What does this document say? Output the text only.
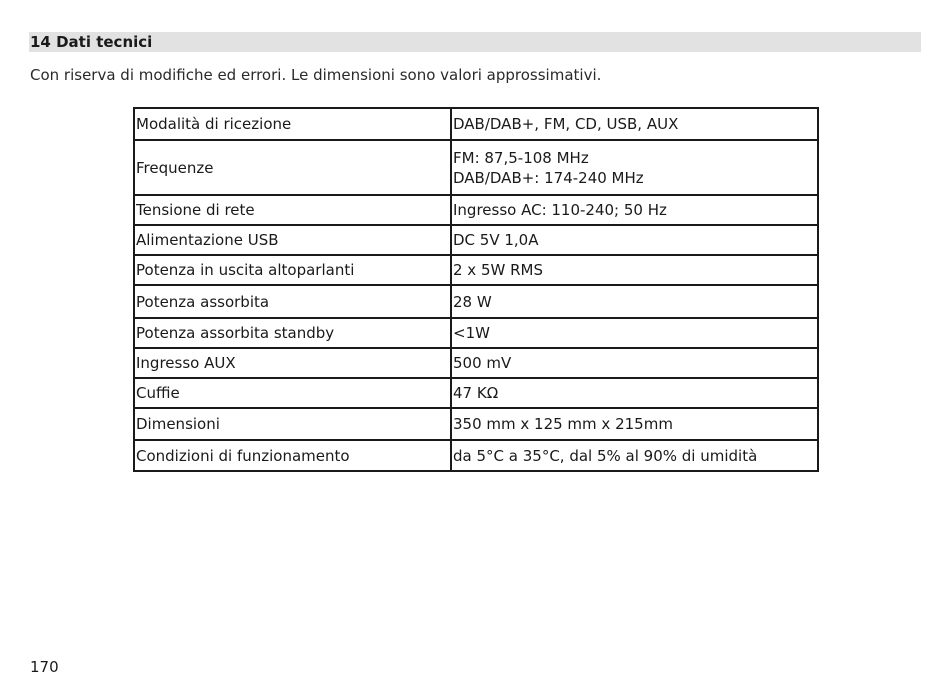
14 Dati tecnici
Con riserva di modifiche ed errori. Le dimensioni sono valori approssimativi.
Modalità di ricezione	DAB/DAB+, FM, CD, USB, AUX

Frequenze	FM: 87,5-108 MHz
DAB/DAB+: 174-240 MHz

Tensione di rete	Ingresso AC: 110-240; 50 Hz

Alimentazione USB	DC 5V 1,0A

Potenza in uscita altoparlanti	2 x 5W RMS

Potenza assorbita	28 W

Potenza assorbita standby	<1W

Ingresso AUX	500 mV

Cuffie	47 KΩ

Dimensioni	350 mm x 125 mm x 215mm

Condizioni di funzionamento	da 5°C a 35°C, dal 5% al 90% di umidità
170
